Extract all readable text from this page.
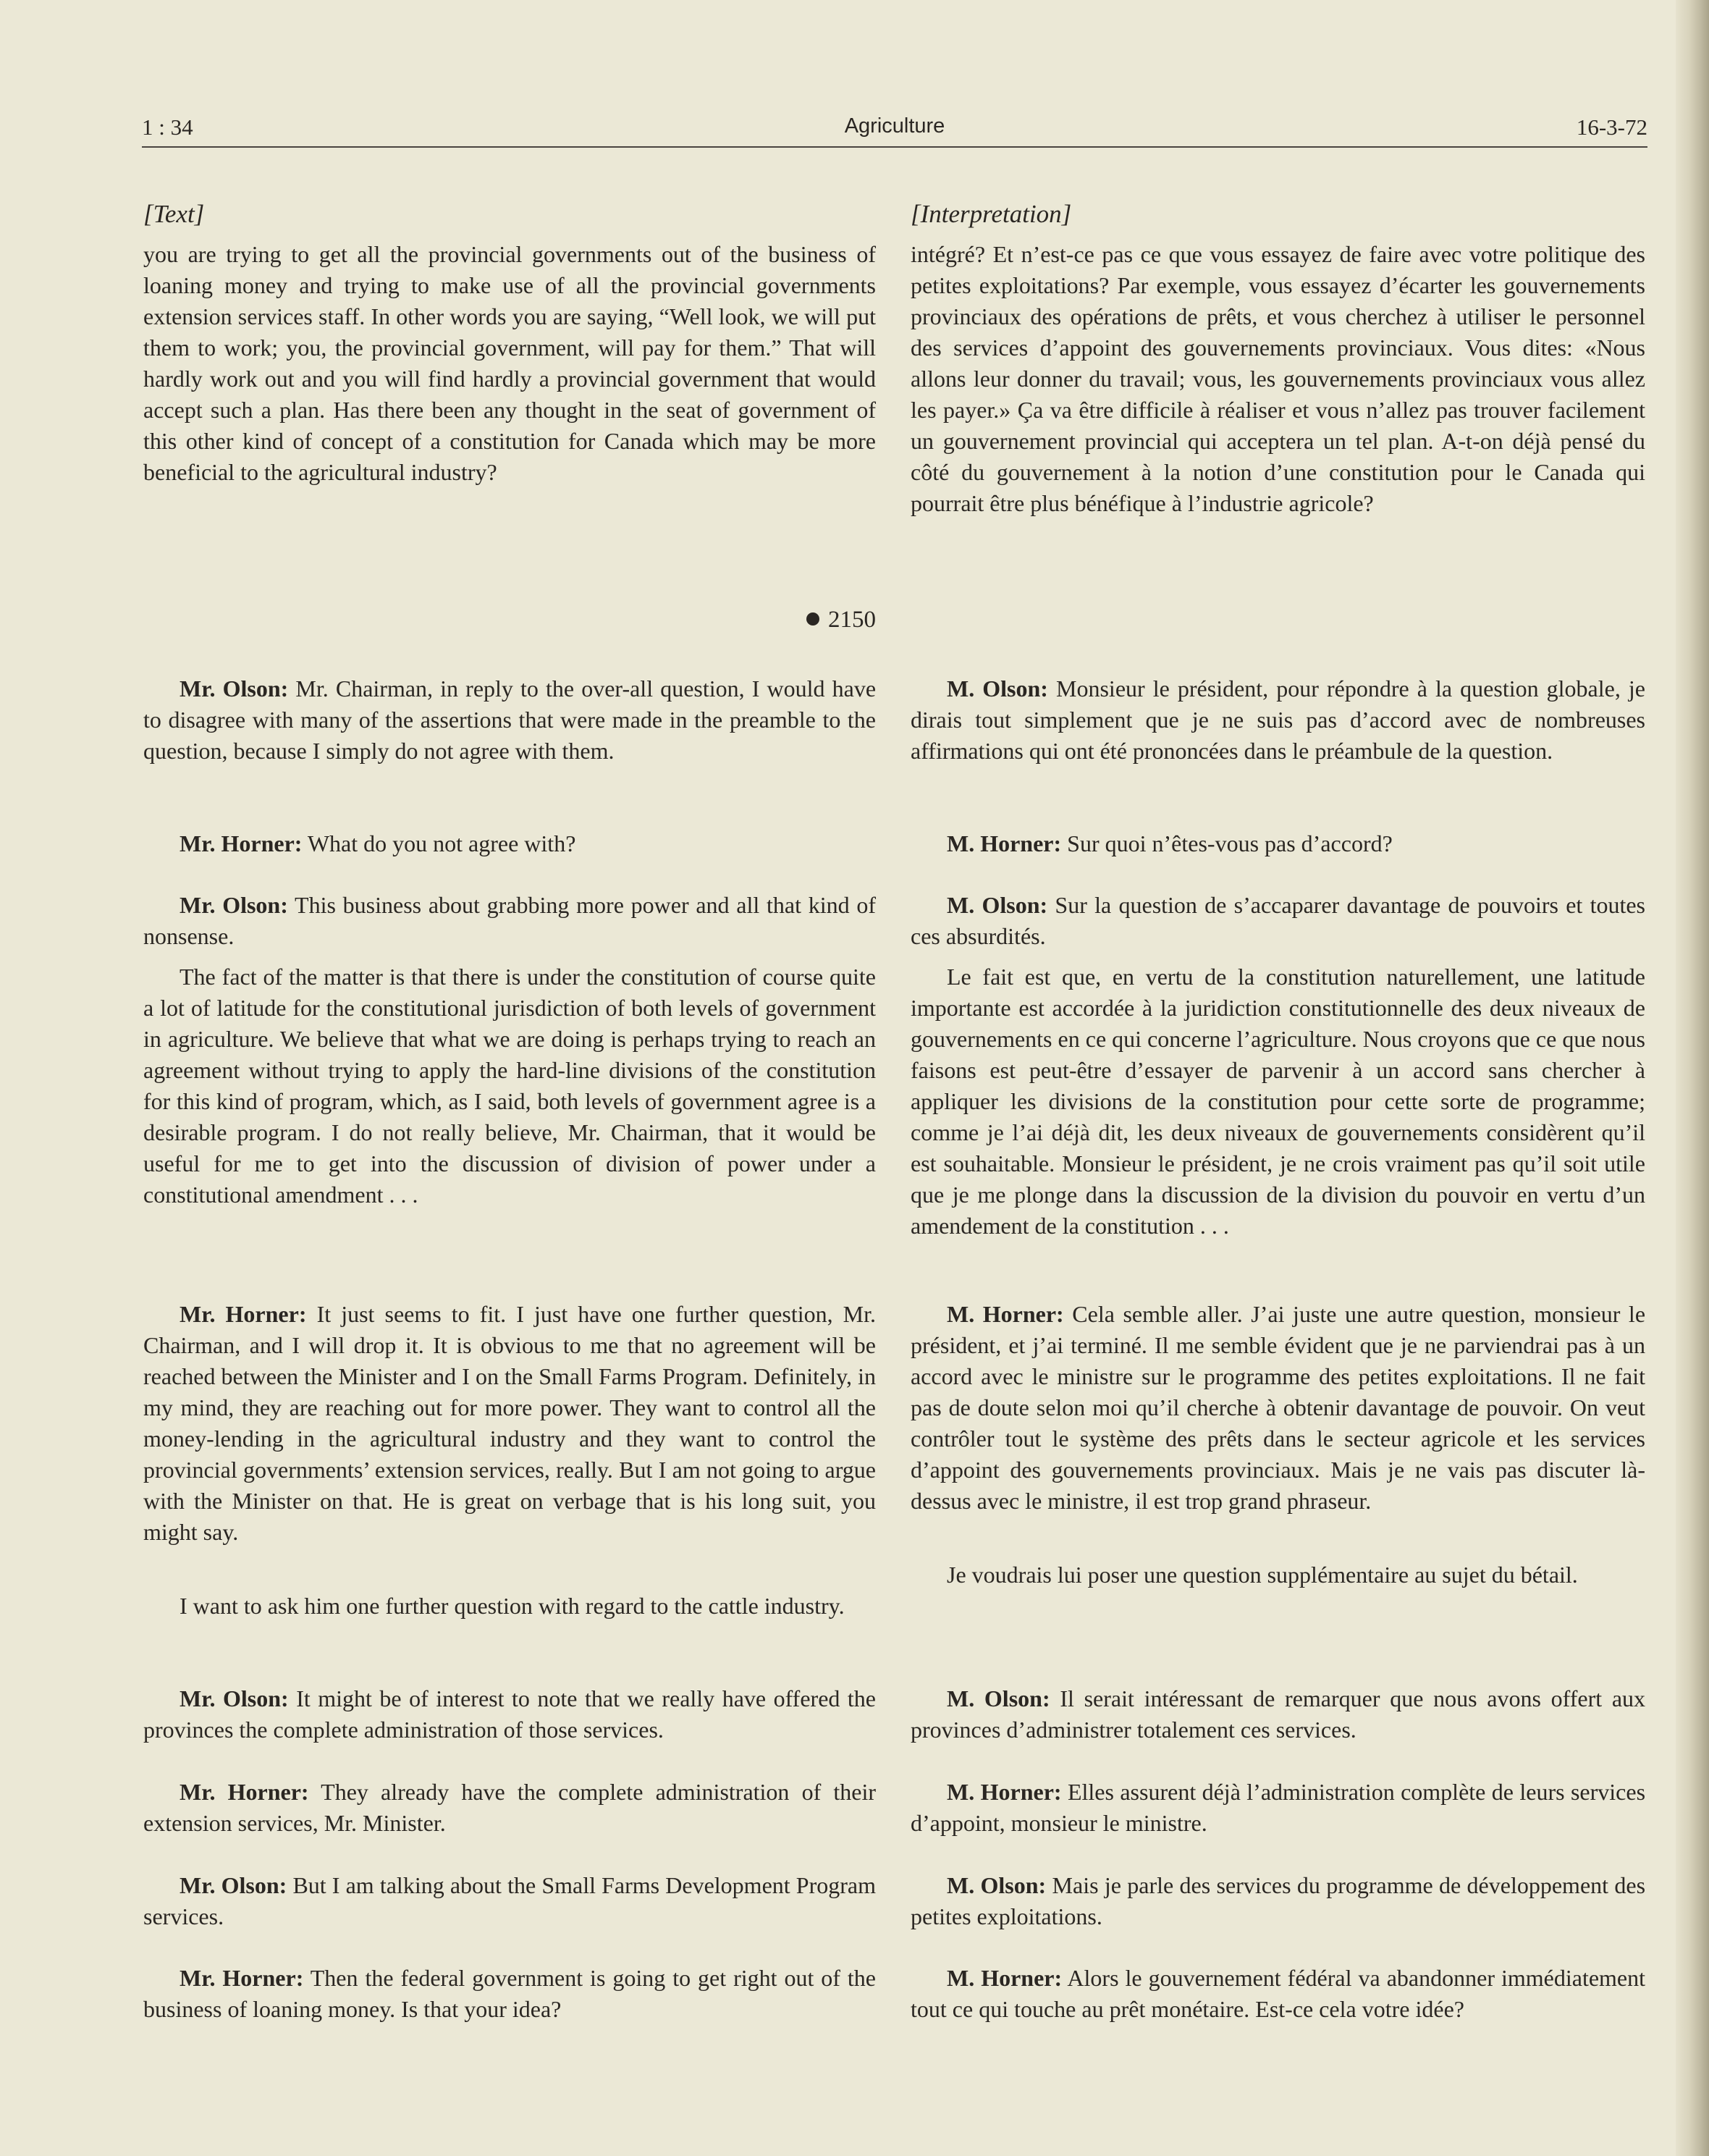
1 : 34	Agriculture	16-3-72
[Text]

you are trying to get all the provincial governments out of the business of loaning money and trying to make use of all the provincial governments extension services staff. In other words you are saying, “Well look, we will put them to work; you, the provincial government, will pay for them.” That will hardly work out and you will find hardly a provincial government that would accept such a plan. Has there been any thought in the seat of government of this other kind of concept of a constitution for Canada which may be more beneficial to the agricultural industry?

2150

Mr. Olson: Mr. Chairman, in reply to the over-all question, I would have to disagree with many of the assertions that were made in the preamble to the question, because I simply do not agree with them.

Mr. Horner: What do you not agree with?

Mr. Olson: This business about grabbing more power and all that kind of nonsense.

The fact of the matter is that there is under the constitution of course quite a lot of latitude for the constitutional jurisdiction of both levels of government in agriculture. We believe that what we are doing is perhaps trying to reach an agreement without trying to apply the hard-line divisions of the constitution for this kind of program, which, as I said, both levels of government agree is a desirable program. I do not really believe, Mr. Chairman, that it would be useful for me to get into the discussion of division of power under a constitutional amendment . . .

Mr. Horner: It just seems to fit. I just have one further question, Mr. Chairman, and I will drop it. It is obvious to me that no agreement will be reached between the Minister and I on the Small Farms Program. Definitely, in my mind, they are reaching out for more power. They want to control all the money-lending in the agricultural industry and they want to control the provincial governments’ extension services, really. But I am not going to argue with the Minister on that. He is great on verbage that is his long suit, you might say.

I want to ask him one further question with regard to the cattle industry.

Mr. Olson: It might be of interest to note that we really have offered the provinces the complete administration of those services.

Mr. Horner: They already have the complete administration of their extension services, Mr. Minister.

Mr. Olson: But I am talking about the Small Farms Development Program services.

Mr. Horner: Then the federal government is going to get right out of the business of loaning money. Is that your idea?

[Interpretation]

intégré? Et n’est-ce pas ce que vous essayez de faire avec votre politique des petites exploitations? Par exemple, vous essayez d’écarter les gouvernements provinciaux des opérations de prêts, et vous cherchez à utiliser le personnel des services d’appoint des gouvernements provinciaux. Vous dites: «Nous allons leur donner du travail; vous, les gouvernements provinciaux vous allez les payer.» Ça va être difficile à réaliser et vous n’allez pas trouver facilement un gouvernement provincial qui acceptera un tel plan. A-t-on déjà pensé du côté du gouvernement à la notion d’une constitution pour le Canada qui pourrait être plus bénéfique à l’industrie agricole?

M. Olson: Monsieur le président, pour répondre à la question globale, je dirais tout simplement que je ne suis pas d’accord avec de nombreuses affirmations qui ont été prononcées dans le préambule de la question.

M. Horner: Sur quoi n’êtes-vous pas d’accord?

M. Olson: Sur la question de s’accaparer davantage de pouvoirs et toutes ces absurdités.

Le fait est que, en vertu de la constitution naturellement, une latitude importante est accordée à la juridiction constitutionnelle des deux niveaux de gouvernements en ce qui concerne l’agriculture. Nous croyons que ce que nous faisons est peut-être d’essayer de parvenir à un accord sans chercher à appliquer les divisions de la constitution pour cette sorte de programme; comme je l’ai déjà dit, les deux niveaux de gouvernements considèrent qu’il est souhaitable. Monsieur le président, je ne crois vraiment pas qu’il soit utile que je me plonge dans la discussion de la division du pouvoir en vertu d’un amendement de la constitution . . .

M. Horner: Cela semble aller. J’ai juste une autre question, monsieur le président, et j’ai terminé. Il me semble évident que je ne parviendrai pas à un accord avec le ministre sur le programme des petites exploitations. Il ne fait pas de doute selon moi qu’il cherche à obtenir davantage de pouvoir. On veut contrôler tout le système des prêts dans le secteur agricole et les services d’appoint des gouvernements provinciaux. Mais je ne vais pas discuter là-dessus avec le ministre, il est trop grand phraseur.

Je voudrais lui poser une question supplémentaire au sujet du bétail.

M. Olson: Il serait intéressant de remarquer que nous avons offert aux provinces d’administrer totalement ces services.

M. Horner: Elles assurent déjà l’administration complète de leurs services d’appoint, monsieur le ministre.

M. Olson: Mais je parle des services du programme de développement des petites exploitations.

M. Horner: Alors le gouvernement fédéral va abandonner immédiatement tout ce qui touche au prêt monétaire. Est-ce cela votre idée?
